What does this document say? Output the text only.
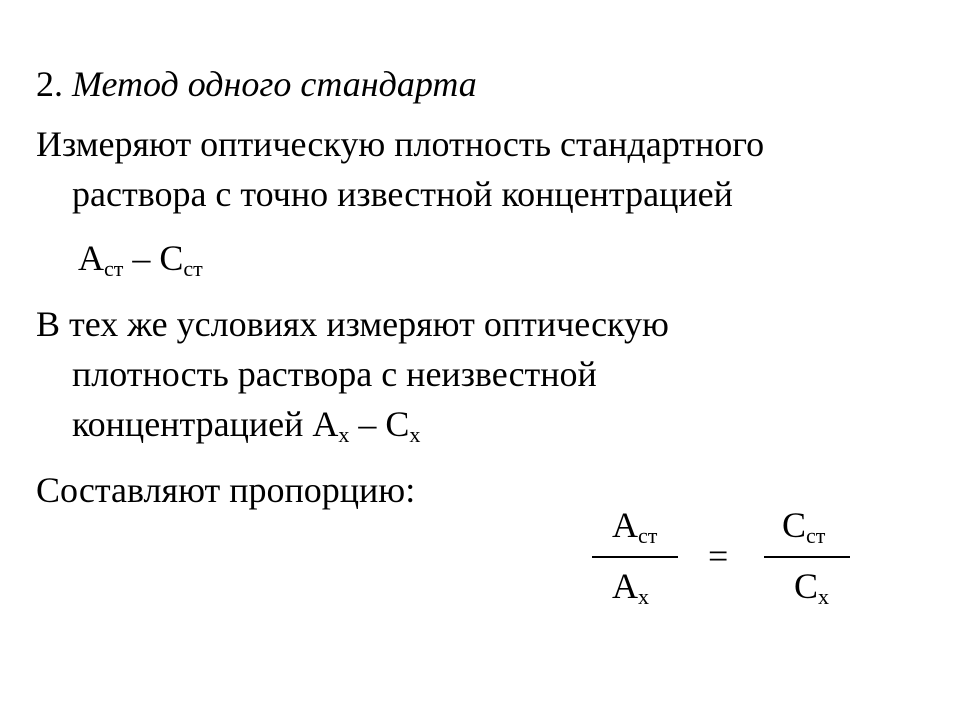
2. Метод одного стандарта
Измеряют оптическую плотность стандартного
раствора с точно известной концентрацией
$А_{ст} - С_{ст}$
В тех же условиях измеряют оптическую
плотность раствора с неизвестной
концентрацией $А_х - С_х$
Составляют пропорцию:
$А_{ст}$
$А_х$
=
$С_{ст}$
$С_х$
